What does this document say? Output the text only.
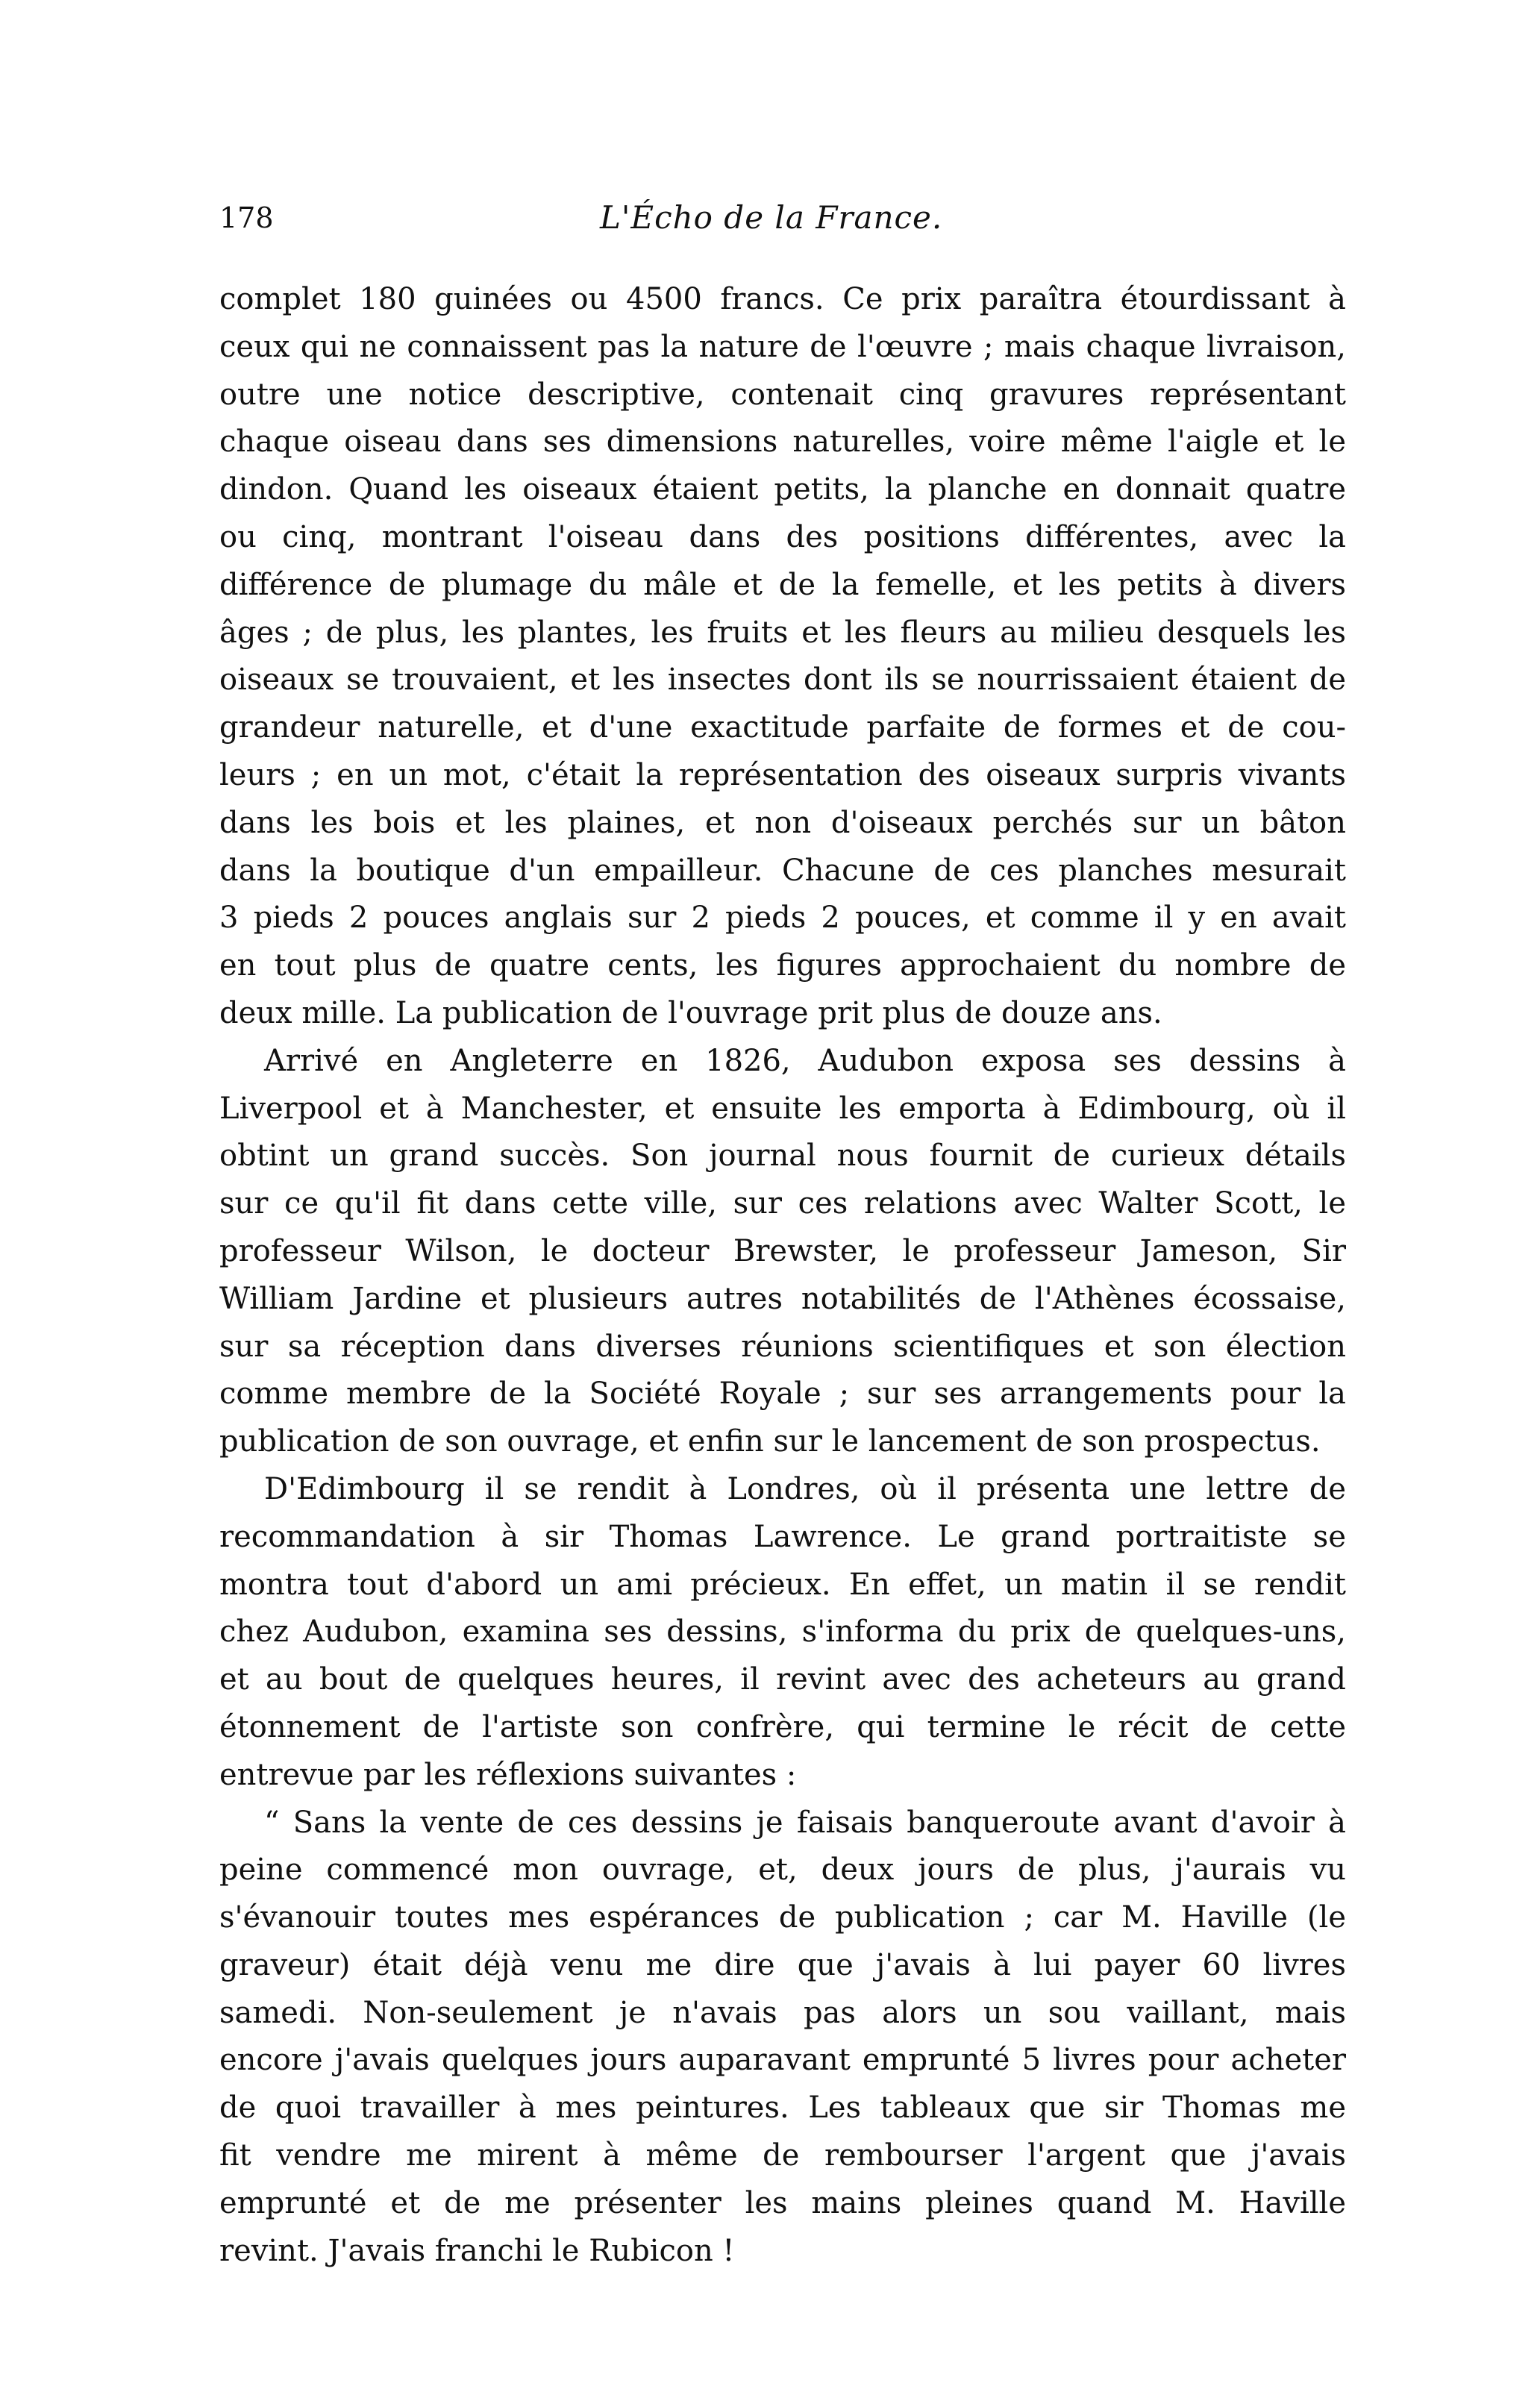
178	L'Écho de la France.
complet 180 guinées ou 4500 francs. Ce prix paraîtra étourdissant à
ceux qui ne connaissent pas la nature de l'œuvre ; mais chaque livraison,
outre une notice descriptive, contenait cinq gravures représentant
chaque oiseau dans ses dimensions naturelles, voire même l'aigle et le
dindon. Quand les oiseaux étaient petits, la planche en donnait quatre
ou cinq, montrant l'oiseau dans des positions différentes, avec la
différence de plumage du mâle et de la femelle, et les petits à divers
âges ; de plus, les plantes, les fruits et les fleurs au milieu desquels les
oiseaux se trouvaient, et les insectes dont ils se nourrissaient étaient de
grandeur naturelle, et d'une exactitude parfaite de formes et de cou-
leurs ; en un mot, c'était la représentation des oiseaux surpris vivants
dans les bois et les plaines, et non d'oiseaux perchés sur un bâton
dans la boutique d'un empailleur. Chacune de ces planches mesurait
3 pieds 2 pouces anglais sur 2 pieds 2 pouces, et comme il y en avait
en tout plus de quatre cents, les figures approchaient du nombre de
deux mille. La publication de l'ouvrage prit plus de douze ans.
Arrivé en Angleterre en 1826, Audubon exposa ses dessins à
Liverpool et à Manchester, et ensuite les emporta à Edimbourg, où il
obtint un grand succès. Son journal nous fournit de curieux détails
sur ce qu'il fit dans cette ville, sur ces relations avec Walter Scott, le
professeur Wilson, le docteur Brewster, le professeur Jameson, Sir
William Jardine et plusieurs autres notabilités de l'Athènes écossaise,
sur sa réception dans diverses réunions scientifiques et son élection
comme membre de la Société Royale ; sur ses arrangements pour la
publication de son ouvrage, et enfin sur le lancement de son prospectus.
D'Edimbourg il se rendit à Londres, où il présenta une lettre de
recommandation à sir Thomas Lawrence. Le grand portraitiste se
montra tout d'abord un ami précieux. En effet, un matin il se rendit
chez Audubon, examina ses dessins, s'informa du prix de quelques-uns,
et au bout de quelques heures, il revint avec des acheteurs au grand
étonnement de l'artiste son confrère, qui termine le récit de cette
entrevue par les réflexions suivantes :
“ Sans la vente de ces dessins je faisais banqueroute avant d'avoir à
peine commencé mon ouvrage, et, deux jours de plus, j'aurais vu
s'évanouir toutes mes espérances de publication ; car M. Haville (le
graveur) était déjà venu me dire que j'avais à lui payer 60 livres
samedi. Non-seulement je n'avais pas alors un sou vaillant, mais
encore j'avais quelques jours auparavant emprunté 5 livres pour acheter
de quoi travailler à mes peintures. Les tableaux que sir Thomas me
fit vendre me mirent à même de rembourser l'argent que j'avais
emprunté et de me présenter les mains pleines quand M. Haville
revint. J'avais franchi le Rubicon !
